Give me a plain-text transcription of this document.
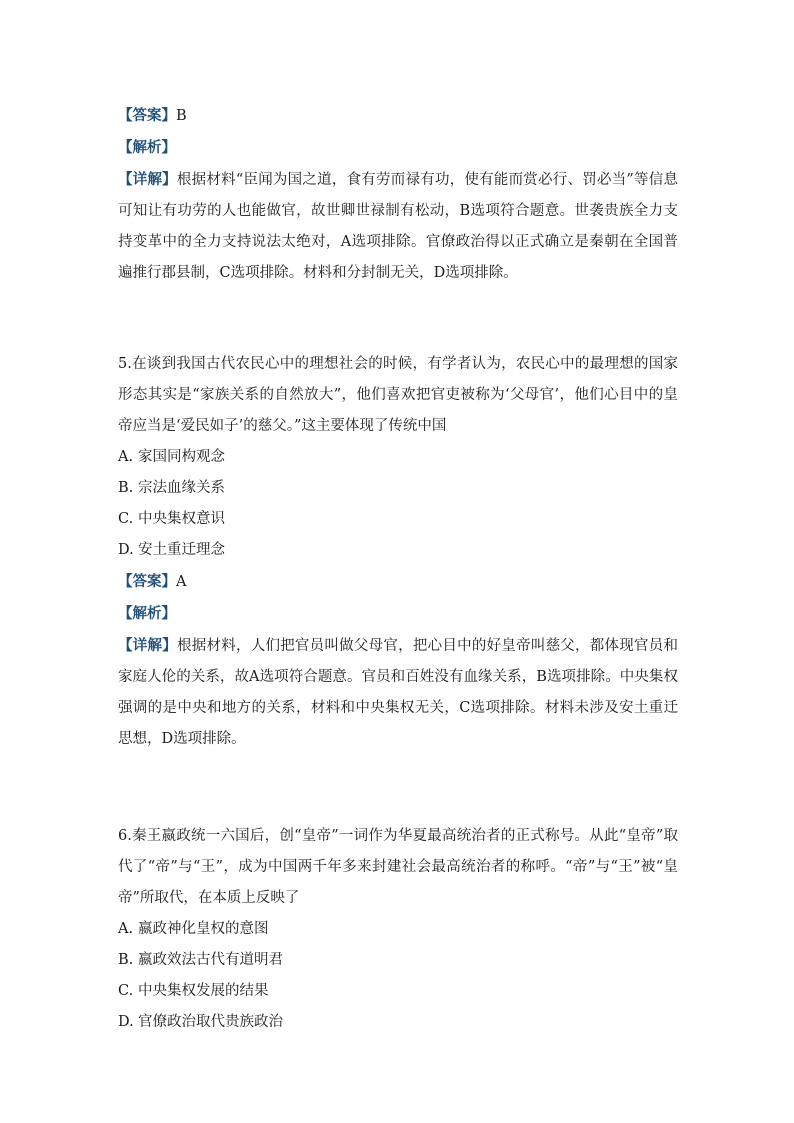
【答案】B
【解析】
【详解】根据材料“臣闻为国之道，食有劳而禄有功，使有能而赏必行、罚必当”等信息可知让有功劳的人也能做官，故世卿世禄制有松动，B选项符合题意。世袭贵族全力支持变革中的全力支持说法太绝对，A选项排除。官僚政治得以正式确立是秦朝在全国普遍推行郡县制，C选项排除。材料和分封制无关，D选项排除。
5.在谈到我国古代农民心中的理想社会的时候，有学者认为，农民心中的最理想的国家形态其实是“家族关系的自然放大”，他们喜欢把官吏被称为‘父母官’，他们心目中的皇帝应当是‘爱民如子’的慈父。”这主要体现了传统中国
A. 家国同构观念
B. 宗法血缘关系
C. 中央集权意识
D. 安土重迁理念
【答案】A
【解析】
【详解】根据材料，人们把官员叫做父母官，把心目中的好皇帝叫慈父，都体现官员和家庭人伦的关系，故A选项符合题意。官员和百姓没有血缘关系，B选项排除。中央集权强调的是中央和地方的关系，材料和中央集权无关，C选项排除。材料未涉及安土重迁思想，D选项排除。
6.秦王嬴政统一六国后，创“皇帝”一词作为华夏最高统治者的正式称号。从此“皇帝”取代了“帝”与“王”，成为中国两千年多来封建社会最高统治者的称呼。“帝”与“王”被“皇帝”所取代，在本质上反映了
A. 嬴政神化皇权的意图
B. 嬴政效法古代有道明君
C. 中央集权发展的结果
D. 官僚政治取代贵族政治
